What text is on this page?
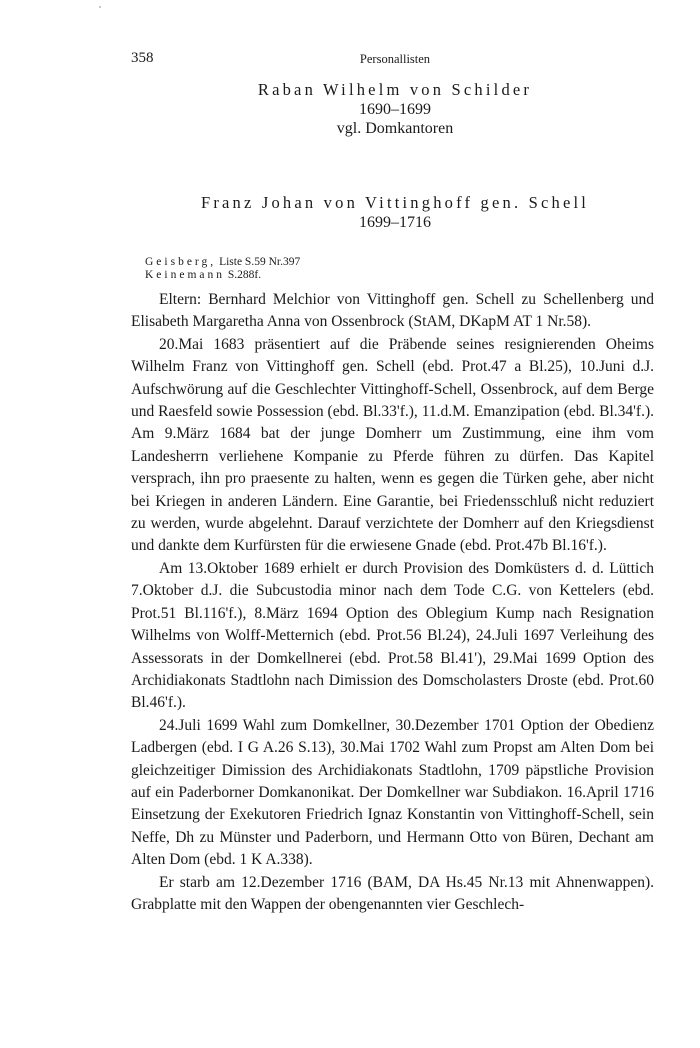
358	Personallisten
Raban Wilhelm von Schilder
1690–1699
vgl. Domkantoren
Franz Johan von Vittinghoff gen. Schell
1699–1716
Geisberg, Liste S.59 Nr.397
Keinemann S.288f.

Eltern: Bernhard Melchior von Vittinghoff gen. Schell zu Schellenberg und Elisabeth Margaretha Anna von Ossenbrock (StAM, DKapM AT 1 Nr.58).

20.Mai 1683 präsentiert auf die Präbende seines resignierenden Oheims Wilhelm Franz von Vittinghoff gen. Schell (ebd. Prot.47 a Bl.25), 10.Juni d.J. Aufschwörung auf die Geschlechter Vittinghoff-Schell, Ossenbrock, auf dem Berge und Raesfeld sowie Possession (ebd. Bl.33'f.), 11.d.M. Emanzipation (ebd. Bl.34'f.). Am 9.März 1684 bat der junge Domherr um Zustimmung, eine ihm vom Landesherrn verliehene Kompanie zu Pferde führen zu dürfen. Das Kapitel versprach, ihn pro praesente zu halten, wenn es gegen die Türken gehe, aber nicht bei Kriegen in anderen Ländern. Eine Garantie, bei Friedensschluß nicht reduziert zu werden, wurde abgelehnt. Darauf verzichtete der Domherr auf den Kriegsdienst und dankte dem Kurfürsten für die erwiesene Gnade (ebd. Prot.47b Bl.16'f.).

Am 13.Oktober 1689 erhielt er durch Provision des Domküsters d. d. Lüttich 7.Oktober d.J. die Subcustodia minor nach dem Tode C.G. von Kettelers (ebd. Prot.51 Bl.116'f.), 8.März 1694 Option des Oblegium Kump nach Resignation Wilhelms von Wolff-Metternich (ebd. Prot.56 Bl.24), 24.Juli 1697 Verleihung des Assessorats in der Domkellnerei (ebd. Prot.58 Bl.41'), 29.Mai 1699 Option des Archidiakonats Stadtlohn nach Dimission des Domscholasters Droste (ebd. Prot.60 Bl.46'f.).

24.Juli 1699 Wahl zum Domkellner, 30.Dezember 1701 Option der Obedienz Ladbergen (ebd. I G A.26 S.13), 30.Mai 1702 Wahl zum Propst am Alten Dom bei gleichzeitiger Dimission des Archidiakonats Stadtlohn, 1709 päpstliche Provision auf ein Paderborner Domkanonikat. Der Domkellner war Subdiakon. 16.April 1716 Einsetzung der Exekutoren Friedrich Ignaz Konstantin von Vittinghoff-Schell, sein Neffe, Dh zu Münster und Paderborn, und Hermann Otto von Büren, Dechant am Alten Dom (ebd. 1 K A.338).

Er starb am 12.Dezember 1716 (BAM, DA Hs.45 Nr.13 mit Ahnenwappen). Grabplatte mit den Wappen der obengenannten vier Geschlech-
